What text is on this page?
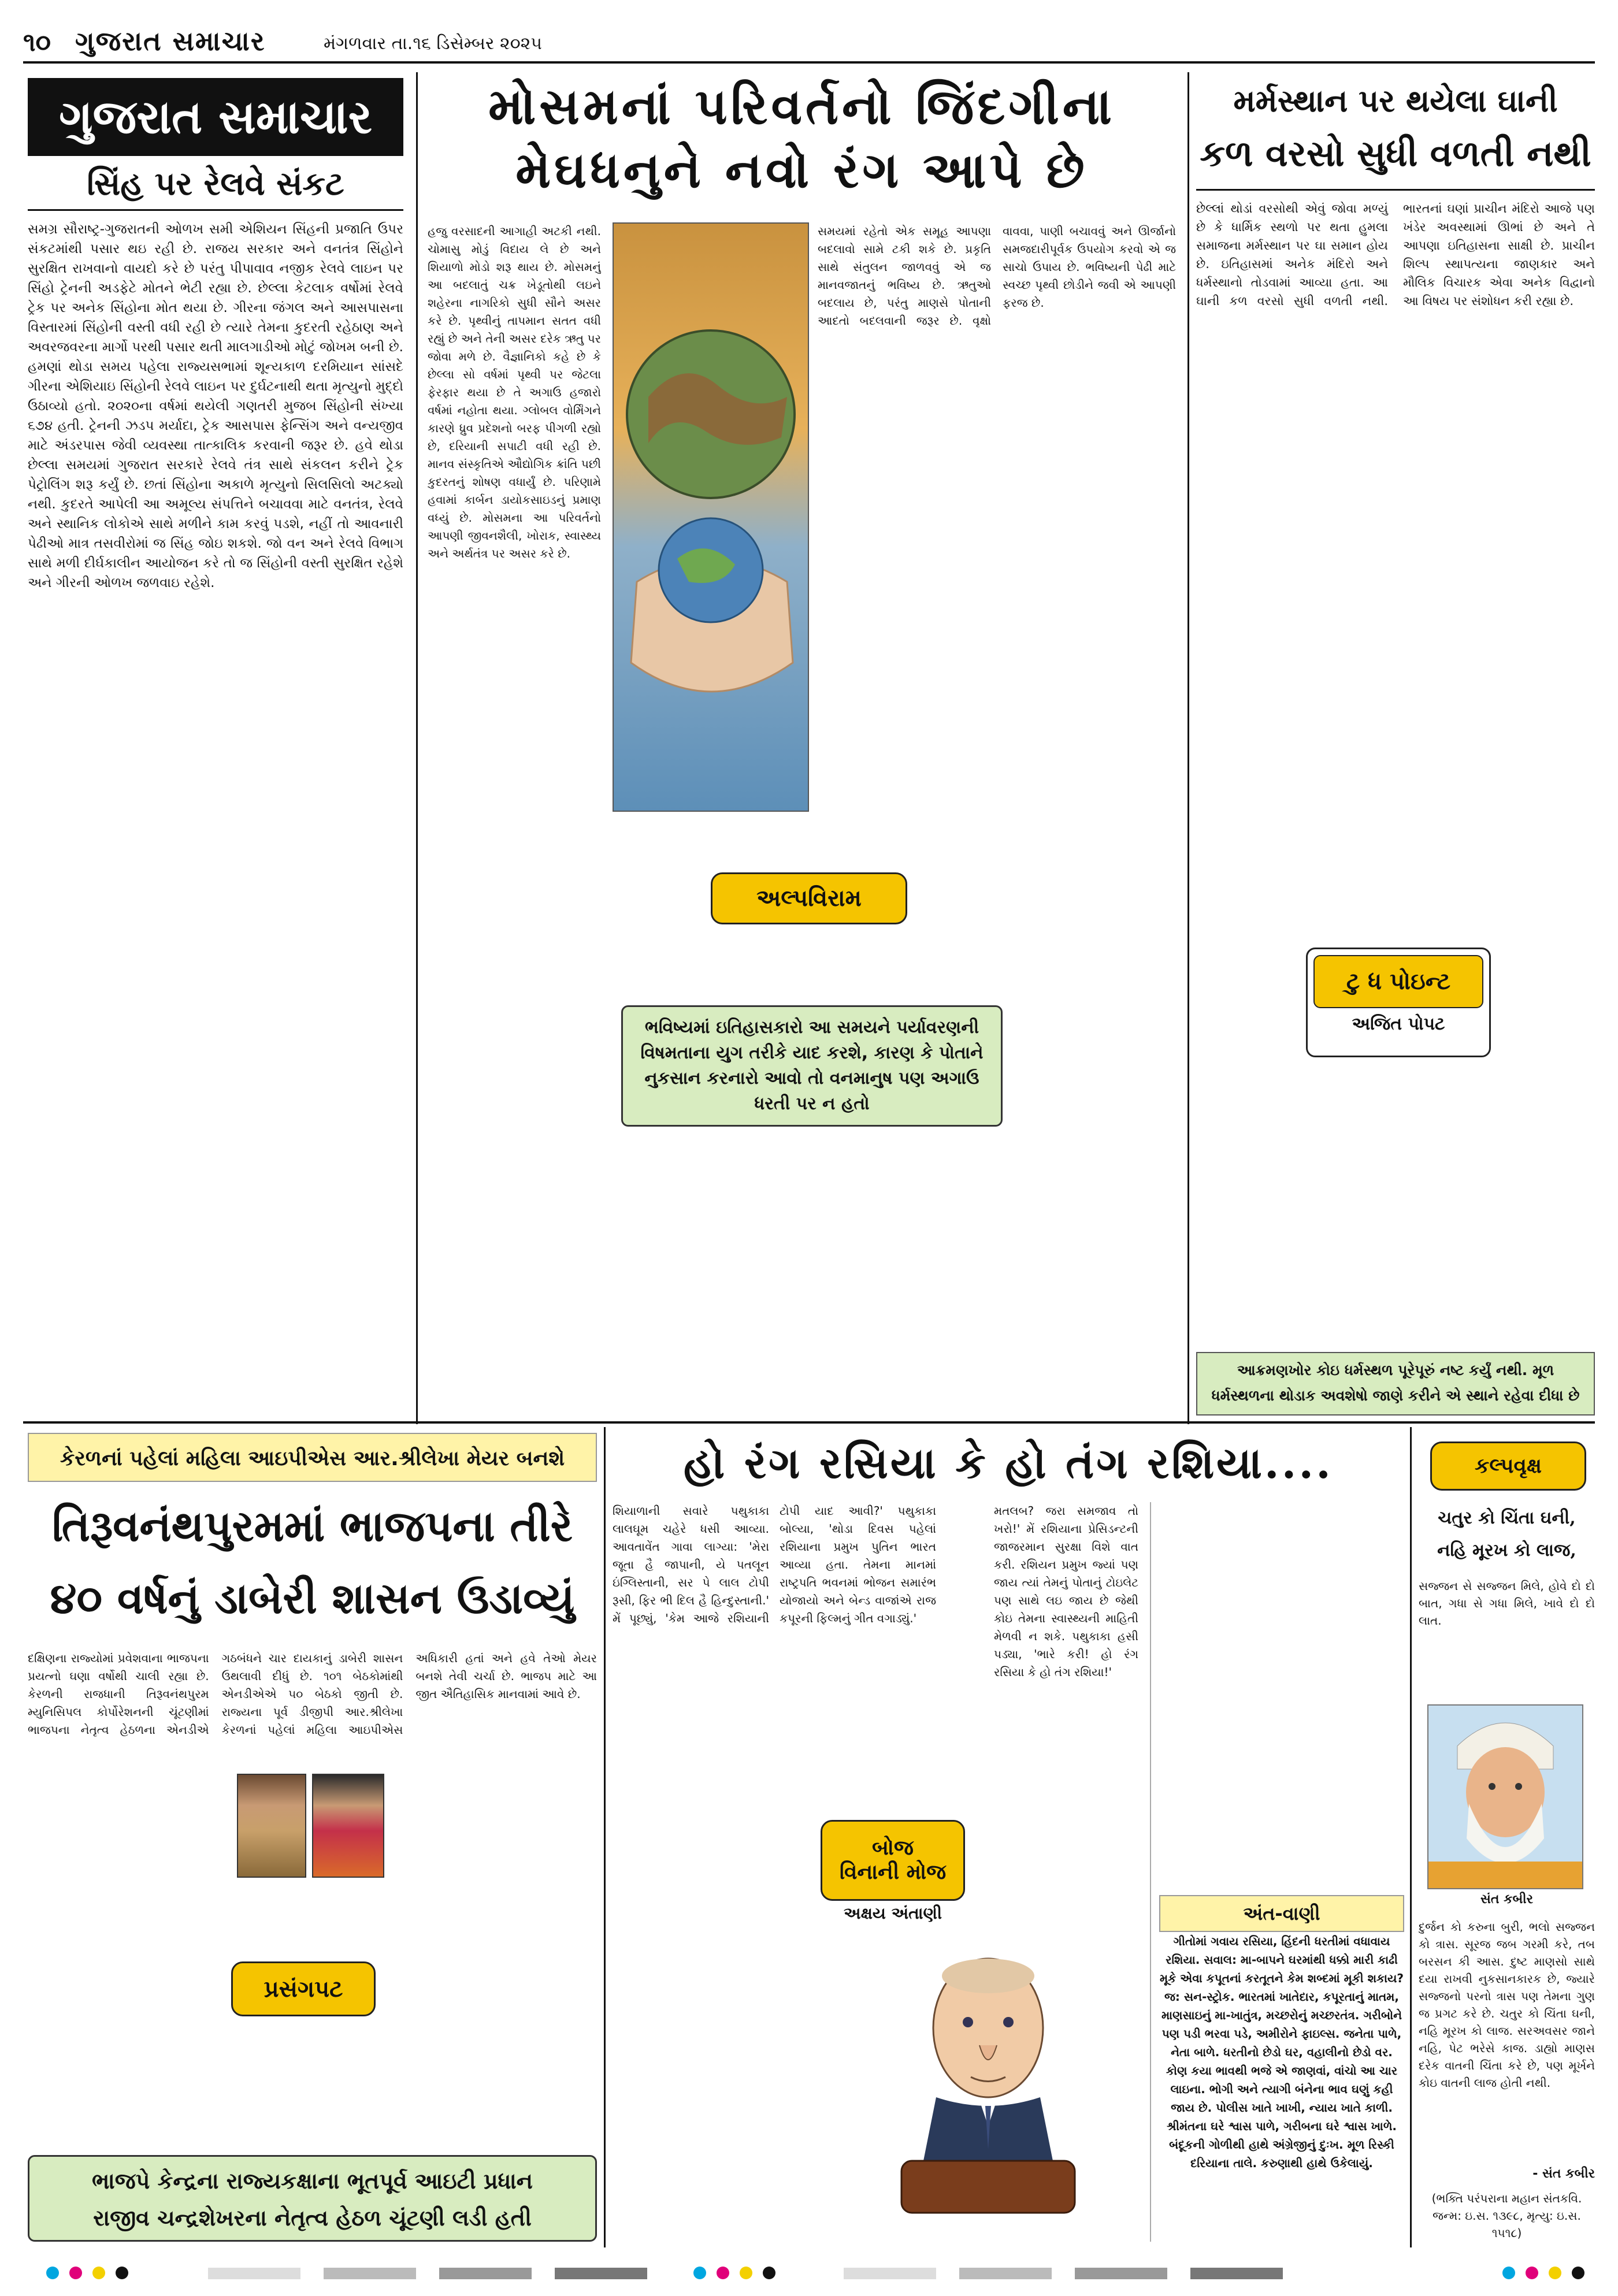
૧૦ ગુજરાત સમાચાર	મંગળવાર તા.૧૬ ડિસેમ્બર ૨૦૨૫
ગુજરાત સમાચાર
સિંહ પર રેલવે સંકટ
સમગ્ર સૌરાષ્ટ્ર-ગુજરાતની ઓળખ સમી એશિયન સિંહની પ્રજાતિ ઉપર સંકટમાંથી પસાર થઇ રહી છે. રાજય સરકાર અને વનતંત્ર સિંહોને સુરક્ષિત રાખવાનો વાયદો કરે છે પરંતુ પીપાવાવ નજીક રેલવે લાઇન પર સિંહો ટ્રેનની અડફેટે મોતને ભેટી રહ્યા છે. છેલ્લા કેટલાક વર્ષોમાં રેલવે ટ્રેક પર અનેક સિંહોના મોત થયા છે. ગીરના જંગલ અને આસપાસના વિસ્તારમાં સિંહોની વસ્તી વધી રહી છે ત્યારે તેમના કુદરતી રહેઠાણ અને અવરજવરના માર્ગો પરથી પસાર થતી માલગાડીઓ મોટું જોખમ બની છે. હમણાં થોડા સમય પહેલા રાજ્યસભામાં શૂન્યકાળ દરમિયાન સાંસદે ગીરના એશિયાઇ સિંહોની રેલવે લાઇન પર દુર્ઘટનાથી થતા મૃત્યુનો મુદ્દો ઉઠાવ્યો હતો. ૨૦૨૦ના વર્ષમાં થયેલી ગણતરી મુજબ સિંહોની સંખ્યા ૬૭૪ હતી. ટ્રેનની ઝડપ મર્યાદા, ટ્રેક આસપાસ ફેન્સિંગ અને વન્યજીવ માટે અંડરપાસ જેવી વ્યવસ્થા તાત્કાલિક કરવાની જરૂર છે. હવે થોડા છેલ્લા સમયમાં ગુજરાત સરકારે રેલવે તંત્ર સાથે સંકલન કરીને ટ્રેક પેટ્રોલિંગ શરૂ કર્યું છે. છતાં સિંહોના અકાળે મૃત્યુનો સિલસિલો અટક્યો નથી. કુદરતે આપેલી આ અમૂલ્ય સંપત્તિને બચાવવા માટે વનતંત્ર, રેલવે અને સ્થાનિક લોકોએ સાથે મળીને કામ કરવું પડશે, નહીં તો આવનારી પેઢીઓ માત્ર તસવીરોમાં જ સિંહ જોઇ શકશે. જો વન અને રેલવે વિભાગ સાથે મળી દીર્ઘકાલીન આયોજન કરે તો જ સિંહોની વસ્તી સુરક્ષિત રહેશે અને ગીરની ઓળખ જળવાઇ રહેશે.
મોસમનાં પરિવર્તનો જિંદગીના
મેઘધનુને નવો રંગ આપે છે
હજુ વરસાદની આગાહી અટકી નથી. ચોમાસુ મોડું વિદાય લે છે અને શિયાળો મોડો શરૂ થાય છે. મોસમનું આ બદલાતું ચક્ર ખેડૂતોથી લઇને શહેરના નાગરિકો સુધી સૌને અસર કરે છે. પૃથ્વીનું તાપમાન સતત વધી રહ્યું છે અને તેની અસર દરેક ઋતુ પર જોવા મળે છે. વૈજ્ઞાનિકો કહે છે કે છેલ્લા સો વર્ષમાં પૃથ્વી પર જેટલા ફેરફાર થયા છે તે અગાઉ હજારો વર્ષમાં નહોતા થયા. ગ્લોબલ વોર્મિંગને કારણે ધ્રુવ પ્રદેશનો બરફ પીગળી રહ્યો છે, દરિયાની સપાટી વધી રહી છે. માનવ સંસ્કૃતિએ ઔદ્યોગિક ક્રાંતિ પછી કુદરતનું શોષણ વધાર્યું છે. પરિણામે હવામાં કાર્બન ડાયોકસાઇડનું પ્રમાણ વધ્યું છે. મોસમના આ પરિવર્તનો આપણી જીવનશૈલી, ખોરાક, સ્વાસ્થ્ય અને અર્થતંત્ર પર અસર કરે છે.
સમયમાં રહેતો એક સમૂહ આપણા બદલાવો સામે ટકી શકે છે. પ્રકૃતિ સાથે સંતુલન જાળવવું એ જ માનવજાતનું ભવિષ્ય છે. ઋતુઓ બદલાય છે, પરંતુ માણસે પોતાની આદતો બદલવાની જરૂર છે. વૃક્ષો વાવવા, પાણી બચાવવું અને ઊર્જાનો સમજદારીપૂર્વક ઉપયોગ કરવો એ જ સાચો ઉપાય છે. ભવિષ્યની પેઢી માટે સ્વચ્છ પૃથ્વી છોડીને જવી એ આપણી ફરજ છે.
અલ્પવિરામ
ભવિષ્યમાં ઇતિહાસકારો આ સમયને પર્યાવરણની વિષમતાના યુગ તરીકે યાદ કરશે, કારણ કે પોતાને નુકસાન કરનારો આવો તો વનમાનુષ પણ અગાઉ ધરતી પર ન હતો
મર્મસ્થાન પર થયેલા ઘાની
કળ વરસો સુધી વળતી નથી
છેલ્લાં થોડાં વરસોથી એવું જોવા મળ્યું છે કે ધાર્મિક સ્થળો પર થતા હુમલા સમાજના મર્મસ્થાન પર ઘા સમાન હોય છે. ઇતિહાસમાં અનેક મંદિરો અને ધર્મસ્થાનો તોડવામાં આવ્યા હતા. આ ઘાની કળ વરસો સુધી વળતી નથી. ભારતનાં ઘણાં પ્રાચીન મંદિરો આજે પણ ખંડેર અવસ્થામાં ઊભાં છે અને તે આપણા ઇતિહાસના સાક્ષી છે. પ્રાચીન શિલ્પ સ્થાપત્યના જાણકાર અને મૌલિક વિચારક એવા અનેક વિદ્વાનો આ વિષય પર સંશોધન કરી રહ્યા છે.
ટુ ધ પોઇન્ટ
અજિત પોપટ
આક્રમણખોર કોઇ ધર્મસ્થળ પૂરેપૂરું નષ્ટ કર્યું નથી. મૂળ ધર્મસ્થળના થોડાક અવશેષો જાણે કરીને એ સ્થાને રહેવા દીધા છે
કેરળનાં પહેલાં મહિલા આઇપીએસ આર.શ્રીલેખા મેયર બનશે
તિરૂવનંથપુરમમાં ભાજપના તીરે
૪૦ વર્ષનું ડાબેરી શાસન ઉડાવ્યું
દક્ષિણના રાજ્યોમાં પ્રવેશવાના ભાજપના પ્રયત્નો ઘણા વર્ષોથી ચાલી રહ્યા છે. કેરળની રાજધાની તિરૂવનંથપુરમ મ્યુનિસિપલ કોર્પોરેશનની ચૂંટણીમાં ભાજપના નેતૃત્વ હેઠળના એનડીએ ગઠબંધને ચાર દાયકાનું ડાબેરી શાસન ઉથલાવી દીધું છે. ૧૦૧ બેઠકોમાંથી એનડીએએ ૫૦ બેઠકો જીતી છે. રાજ્યના પૂર્વ ડીજીપી આર.શ્રીલેખા કેરળનાં પહેલાં મહિલા આઇપીએસ અધિકારી હતાં અને હવે તેઓ મેયર બનશે તેવી ચર્ચા છે. ભાજપ માટે આ જીત ઐતિહાસિક માનવામાં આવે છે.
પ્રસંગપટ
ભાજપે કેન્દ્રના રાજ્યકક્ષાના ભૂતપૂર્વ આઇટી પ્રધાન
રાજીવ ચન્દ્રશેખરના નેતૃત્વ હેઠળ ચૂંટણી લડી હતી
હો રંગ રસિયા કે હો તંગ રશિયા....
શિયાળાની સવારે પથુકાકા લાલઘૂમ ચહેરે ધસી આવ્યા. આવતાવેંત ગાવા લાગ્યા: 'મેરા જૂતા હૈ જાપાની, યે પતલૂન ઇંગ્લિસ્તાની, સર પે લાલ ટોપી રૂસી, ફિર ભી દિલ હૈ હિન્દુસ્તાની.' મેં પૂછ્યું, 'કેમ આજે રશિયાની ટોપી યાદ આવી?' પથુકાકા બોલ્યા, 'થોડા દિવસ પહેલાં રશિયાના પ્રમુખ પુતિન ભારત આવ્યા હતા. તેમના માનમાં રાષ્ટ્રપતિ ભવનમાં ભોજન સમારંભ યોજાયો અને બેન્ડ વાજાંએ રાજ કપૂરની ફિલ્મનું ગીત વગાડ્યું.'
બોજ
વિનાની મોજ
અક્ષય અંતાણી
મતલબ? જરા સમજાવ તો ખરો!' મેં રશિયાના પ્રેસિડન્ટની જાજરમાન સુરક્ષા વિશે વાત કરી. રશિયન પ્રમુખ જ્યાં પણ જાય ત્યાં તેમનું પોતાનું ટોઇલેટ પણ સાથે લઇ જાય છે જેથી કોઇ તેમના સ્વાસ્થ્યની માહિતી મેળવી ન શકે. પથુકાકા હસી પડ્યા, 'ભારે કરી! હો રંગ રસિયા કે હો તંગ રશિયા!'
અંત-વાણી
ગીતોમાં ગવાય રસિયા, હિંદની ધરતીમાં વધાવાય રશિયા. સવાલ: મા-બાપને ઘરમાંથી ધક્કો મારી કાઢી મૂકે એવા કપૂતનાં કરતૂતને કેમ શબ્દમાં મૂકી શકાય? જ: સન-સ્ટ્રોક. ભારતમાં ખાતેદાર, કપૂરતાનું માતમ, માણસાઇનું મા-ખાતુંત્ર, મચ્છરોનું મચ્છરતંત્ર. ગરીબોને પણ પડી ભરવા પડે, અમીરોને ફાઇલ્સ. જનેતા પાળે, નેતા બાળે. ધરતીનો છેડો ઘર, વહાલીનો છેડો વર. કોણ કયા ભાવથી ભજે એ જાણવાં, વાંચો આ ચાર લાઇના. ભોગી અને ત્યાગી બંનેના ભાવ ઘણું કહી જાય છે. પોલીસ ખાતે ખાખી, ન્યાય ખાતે કાળી. શ્રીમંતના ઘરે શ્વાસ પાળે, ગરીબના ઘરે શ્વાસ ખાળે. બંદૂકની ગોળીથી હાથે અંગ્રેજીનું દુઃખ. મૂળ રિસ્કી દરિયાના તાલે. કરુણાથી હાથે ઉકેલાયું.
કલ્પવૃક્ષ
ચતુર કો ચિંતા ઘની,
નહિ મૂરખ કો લાજ,
સજ્જન સે સજ્જન મિલે, હોવે દો દો બાત, ગધા સે ગધા મિલે, ખાવે દો દો લાત.
સંત કબીર
દુર્જન કો કરુના બુરી, ભલો સજ્જન કો ત્રાસ. સૂરજ જબ ગરમી કરે, તબ બરસન કી આસ. દુષ્ટ માણસો સાથે દયા રાખવી નુકસાનકારક છે, જ્યારે સજ્જનો પરનો ત્રાસ પણ તેમના ગુણ જ પ્રગટ કરે છે. ચતુર કો ચિંતા ઘની, નહિ મૂરખ કો લાજ. સરઅવસર જાને નહિ, પેટ ભરેસે કાજ. ડાહ્યો માણસ દરેક વાતની ચિંતા કરે છે, પણ મૂર્ખને કોઇ વાતની લાજ હોતી નથી.
- સંત કબીર
(ભક્તિ પરંપરાના મહાન સંતકવિ. જન્મ: ઇ.સ. ૧૩૯૮, મૃત્યુ: ઇ.સ. ૧૫૧૮)
